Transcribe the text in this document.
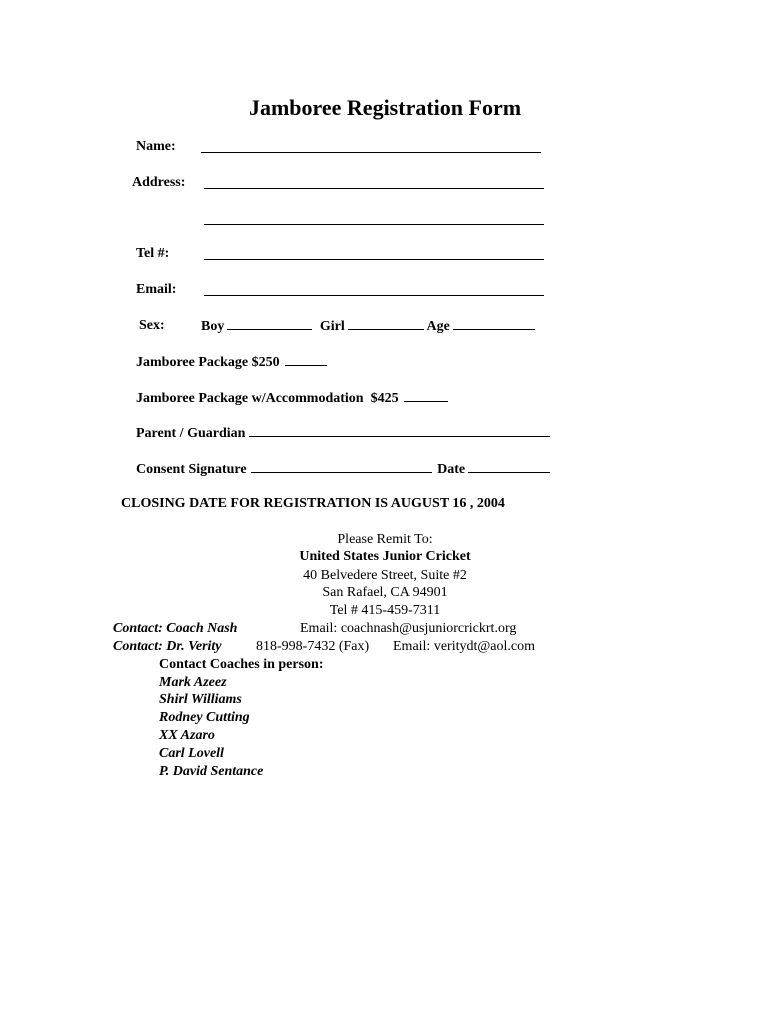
Jamboree Registration Form
Name:
Address:
Tel #:
Email:
Sex:	Boy	Girl	Age
Jamboree Package $250
Jamboree Package w/Accommodation  $425
Parent / Guardian
Consent Signature	Date
CLOSING DATE FOR REGISTRATION IS AUGUST 16 , 2004
Please Remit To:
United States Junior Cricket
40 Belvedere Street, Suite #2
San Rafael, CA 94901
Tel # 415-459-7311
Contact: Coach Nash	Email: coachnash@usjuniorcrickrt.org
Contact: Dr. Verity 818-998-7432 (Fax) Email: veritydt@aol.com
Contact Coaches in person:
Mark Azeez
Shirl Williams
Rodney Cutting
XX Azaro
Carl Lovell
P. David Sentance
